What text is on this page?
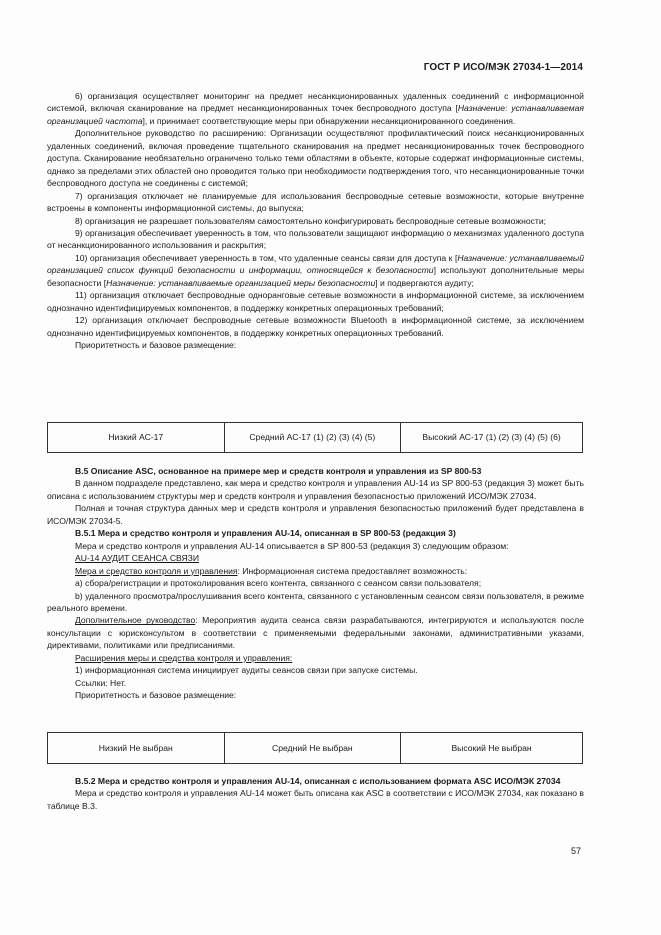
ГОСТ Р ИСО/МЭК 27034-1—2014

6) организация осуществляет мониторинг на предмет несанкционированных удаленных соединений с информационной системой, включая сканирование на предмет несанкционированных точек беспроводного доступа [Назначение: устанавливаемая организацией частота], и принимает соответствующие меры при обнаружении несанкционированного соединения.

Дополнительное руководство по расширению: Организации осуществляют профилактический поиск несанкционированных удаленных соединений, включая проведение тщательного сканирования на предмет несанкционированных точек беспроводного доступа. Сканирование необязательно ограничено только теми областями в объекте, которые содержат информационные системы, однако за пределами этих областей оно проводится только при необходимости подтверждения того, что несанкционированные точки беспроводного доступа не соединены с системой;

7) организация отключает не планируемые для использования беспроводные сетевые возможности, которые внутренне встроены в компоненты информационной системы, до выпуска;

8) организация не разрешает пользователям самостоятельно конфигурировать беспроводные сетевые возможности;

9) организация обеспечивает уверенность в том, что пользователи защищают информацию о механизмах удаленного доступа от несанкционированного использования и раскрытия;

10) организация обеспечивает уверенность в том, что удаленные сеансы связи для доступа к [Назначение: устанавливаемый организацией список функций безопасности и информации, относящейся к безопасности] используют дополнительные меры безопасности [Назначение: устанавливаемые организацией меры безопасности] и подвергаются аудиту;

11) организация отключает беспроводные одноранговые сетевые возможности в информационной системе, за исключением однозначно идентифицируемых компонентов, в поддержку конкретных операционных требований;

12) организация отключает беспроводные сетевые возможности Bluetooth в информационной системе, за исключением однозначно идентифицируемых компонентов, в поддержку конкретных операционных требований.

Приоритетность и базовое размещение:

Низкий АС-17	Средний АС-17 (1) (2) (3) (4) (5)	Высокий АС-17 (1) (2) (3) (4) (5) (6)
В.5 Описание ASC, основанное на примере мер и средств контроля и управления из SP 800-53

В данном подразделе представлено, как мера и средство контроля и управления AU-14 из SP 800-53 (редакция 3) может быть описана с использованием структуры мер и средств контроля и управления безопасностью приложений ИСО/МЭК 27034.

Полная и точная структура данных мер и средств контроля и управления безопасностью приложений будет представлена в ИСО/МЭК 27034-5.

В.5.1 Мера и средство контроля и управления AU-14, описанная в SP 800-53 (редакция 3)

Мера и средство контроля и управления AU-14 описывается в SP 800-53 (редакция 3) следующим образом:

AU-14 АУДИТ СЕАНСА СВЯЗИ

Мера и средство контроля и управления: Информационная система предоставляет возможность:

а) сбора/регистрации и протоколирования всего контента, связанного с сеансом связи пользователя;

b) удаленного просмотра/прослушивания всего контента, связанного с установленным сеансом связи пользователя, в режиме реального времени.

Дополнительное руководство: Мероприятия аудита сеанса связи разрабатываются, интегрируются и используются после консультации с юрисконсультом в соответствии с применяемыми федеральными законами, административными указами, директивами, политиками или предписаниями.

Расширения меры и средства контроля и управления:

1) информационная система инициирует аудиты сеансов связи при запуске системы.

Ссылки: Нет.

Приоритетность и базовое размещение:

Низкий Не выбран	Средний Не выбран	Высокий Не выбран
В.5.2 Мера и средство контроля и управления AU-14, описанная с использованием формата ASC ИСО/МЭК 27034

Мера и средство контроля и управления AU-14 может быть описана как ASC в соответствии с ИСО/МЭК 27034, как показано в таблице В.3.

57
